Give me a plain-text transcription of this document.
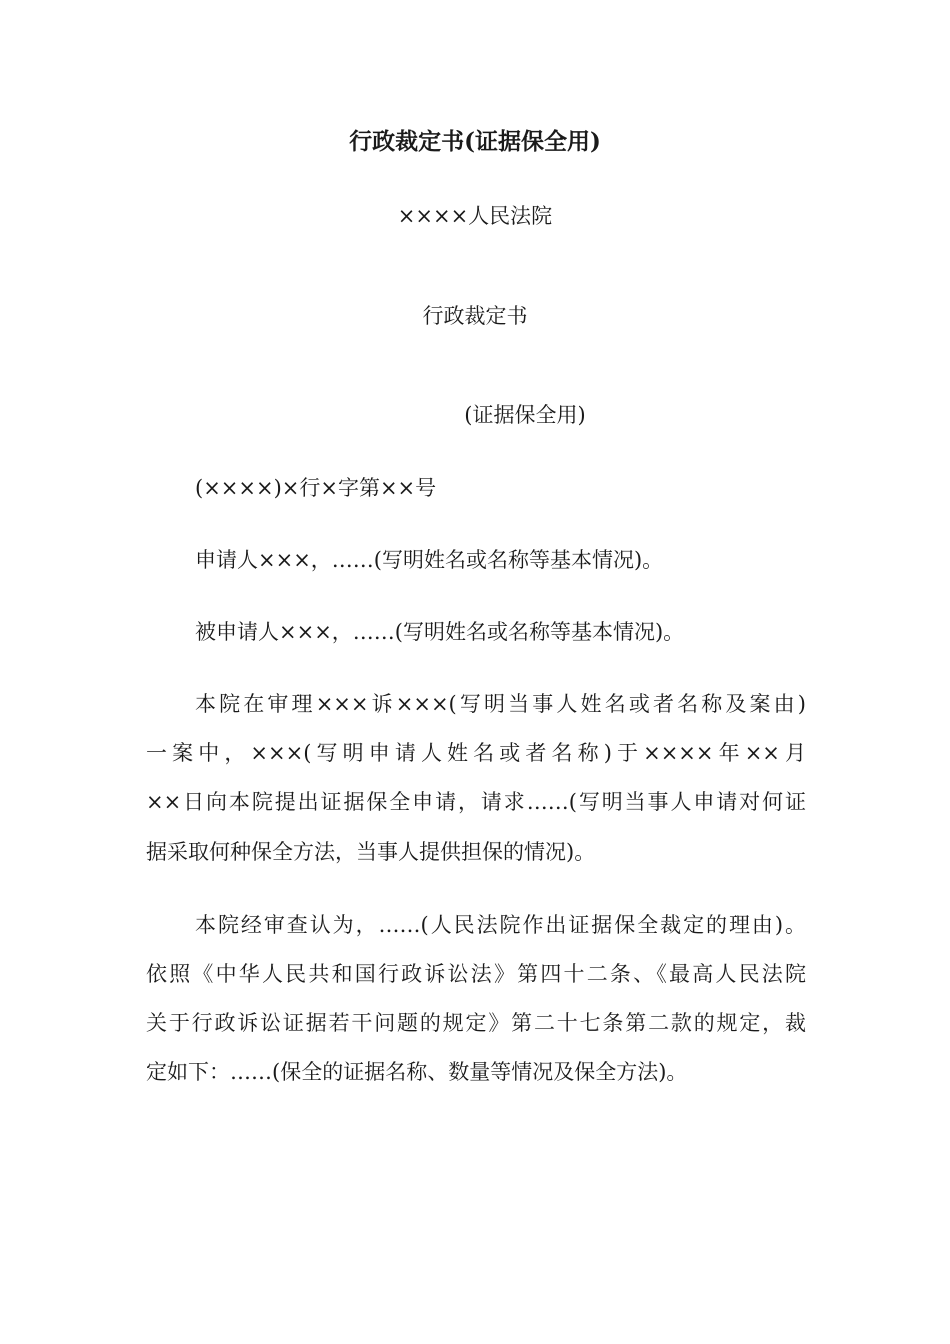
行政裁定书(证据保全用)
××××人民法院
行政裁定书
(证据保全用)
(××××)×行×字第××号
申请人×××，……(写明姓名或名称等基本情况)。
被申请人×××，……(写明姓名或名称等基本情况)。
本院在审理×××诉×××(写明当事人姓名或者名称及案由)
一案中，×××(写明申请人姓名或者名称)于××××年××月
××日向本院提出证据保全申请，请求……(写明当事人申请对何证
据采取何种保全方法，当事人提供担保的情况)。
本院经审查认为，……(人民法院作出证据保全裁定的理由)。
依照《中华人民共和国行政诉讼法》第四十二条、《最高人民法院
关于行政诉讼证据若干问题的规定》第二十七条第二款的规定，裁
定如下：……(保全的证据名称、数量等情况及保全方法)。
